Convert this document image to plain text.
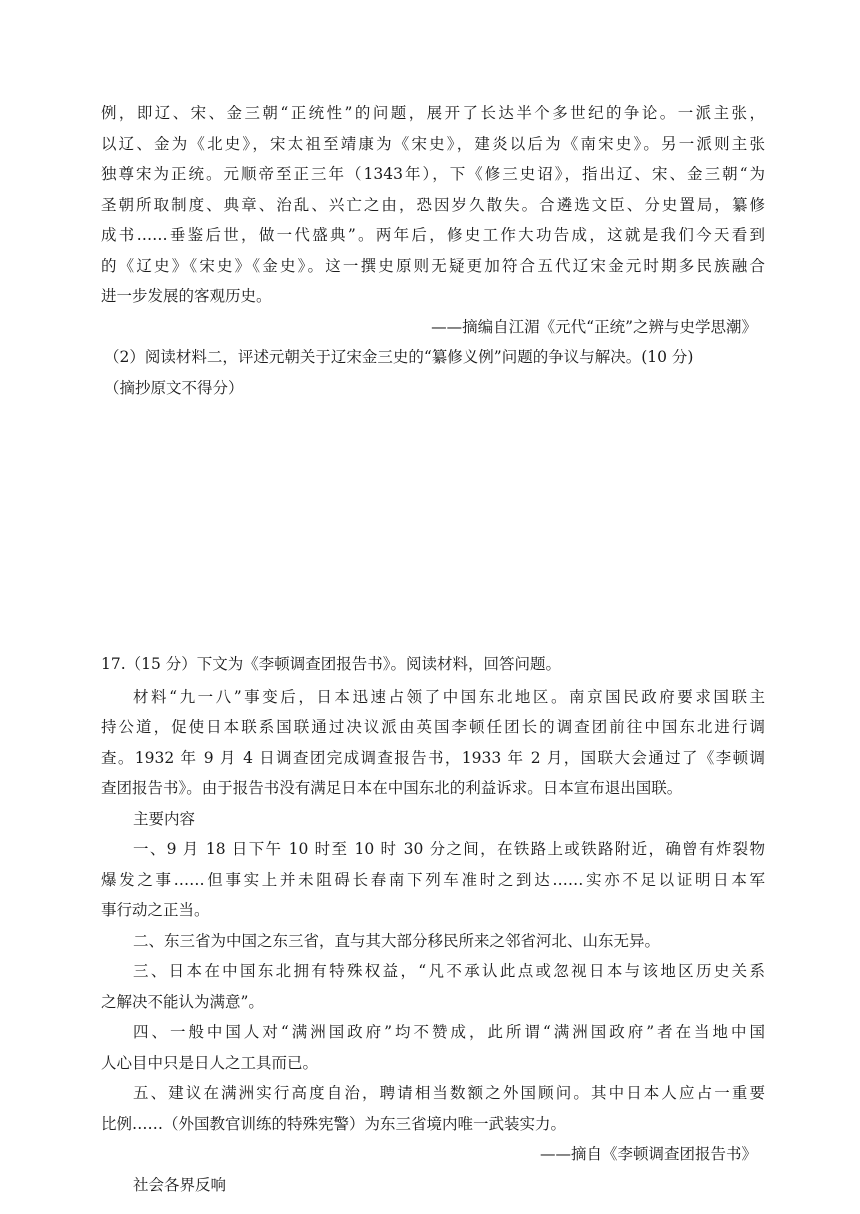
例，即辽、宋、金三朝“正统性”的问题，展开了长达半个多世纪的争论。一派主张，
以辽、金为《北史》，宋太祖至靖康为《宋史》，建炎以后为《南宋史》。另一派则主张
独尊宋为正统。元顺帝至正三年（1343年），下《修三史诏》，指出辽、宋、金三朝“为
圣朝所取制度、典章、治乱、兴亡之由，恐因岁久散失。合遴选文臣、分史置局，纂修
成书……垂鉴后世，做一代盛典”。两年后，修史工作大功告成，这就是我们今天看到
的《辽史》《宋史》《金史》。这一撰史原则无疑更加符合五代辽宋金元时期多民族融合
进一步发展的客观历史。
——摘编自江湄《元代“正统”之辨与史学思潮》
（2）阅读材料二，评述元朝关于辽宋金三史的“纂修义例”问题的争议与解决。(10 分)
（摘抄原文不得分）
17.（15 分）下文为《李顿调查团报告书》。阅读材料，回答问题。
材料“九一八”事变后，日本迅速占领了中国东北地区。南京国民政府要求国联主
持公道，促使日本联系国联通过决议派由英国李顿任团长的调查团前往中国东北进行调
查。1932 年 9 月 4 日调查团完成调查报告书，1933 年 2 月，国联大会通过了《李顿调
查团报告书》。由于报告书没有满足日本在中国东北的利益诉求。日本宣布退出国联。
主要内容
一、9 月 18 日下午 10 时至 10 时 30 分之间，在铁路上或铁路附近，确曾有炸裂物
爆发之事……但事实上并未阻碍长春南下列车准时之到达……实亦不足以证明日本军
事行动之正当。
二、东三省为中国之东三省，直与其大部分移民所来之邻省河北、山东无异。
三、日本在中国东北拥有特殊权益，“凡不承认此点或忽视日本与该地区历史关系
之解决不能认为满意”。
四、一般中国人对“满洲国政府”均不赞成，此所谓“满洲国政府”者在当地中国
人心目中只是日人之工具而已。
五、建议在满洲实行高度自治，聘请相当数额之外国顾问。其中日本人应占一重要
比例……（外国教官训练的特殊宪警）为东三省境内唯一武装实力。
——摘自《李顿调查团报告书》
社会各界反响
